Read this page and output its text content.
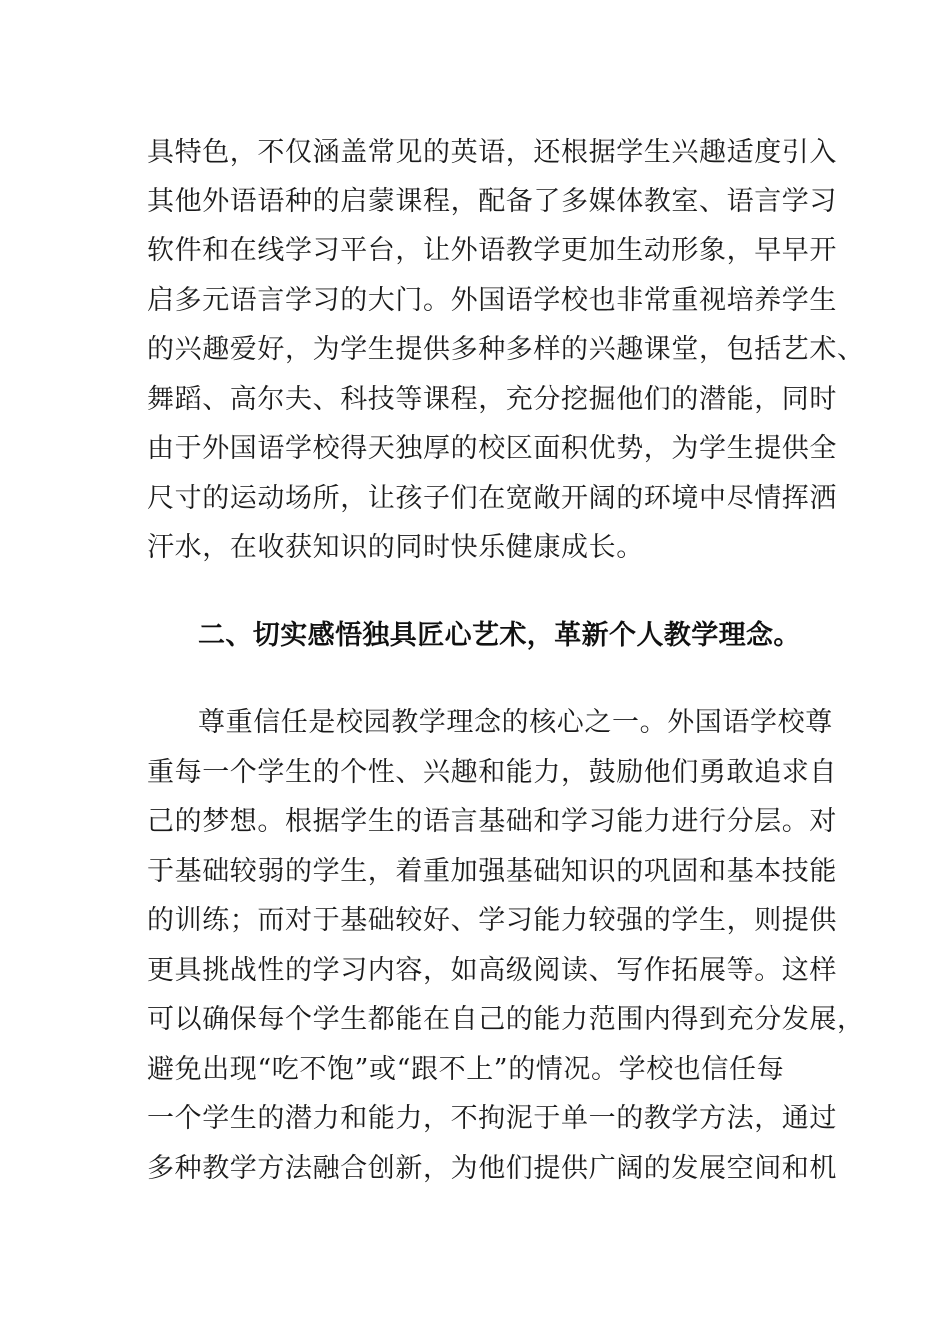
具特色，不仅涵盖常见的英语，还根据学生兴趣适度引入
其他外语语种的启蒙课程，配备了多媒体教室、语言学习
软件和在线学习平台，让外语教学更加生动形象，早早开
启多元语言学习的大门。外国语学校也非常重视培养学生
的兴趣爱好，为学生提供多种多样的兴趣课堂，包括艺术、
舞蹈、高尔夫、科技等课程，充分挖掘他们的潜能，同时
由于外国语学校得天独厚的校区面积优势，为学生提供全
尺寸的运动场所，让孩子们在宽敞开阔的环境中尽情挥洒
汗水，在收获知识的同时快乐健康成长。
二、切实感悟独具匠心艺术，革新个人教学理念。
尊重信任是校园教学理念的核心之一。外国语学校尊
重每一个学生的个性、兴趣和能力，鼓励他们勇敢追求自
己的梦想。根据学生的语言基础和学习能力进行分层。对
于基础较弱的学生，着重加强基础知识的巩固和基本技能
的训练；而对于基础较好、学习能力较强的学生，则提供
更具挑战性的学习内容，如高级阅读、写作拓展等。这样
可以确保每个学生都能在自己的能力范围内得到充分发展，
避免出现“吃不饱”或“跟不上”的情况。学校也信任每
一个学生的潜力和能力，不拘泥于单一的教学方法，通过
多种教学方法融合创新，为他们提供广阔的发展空间和机
